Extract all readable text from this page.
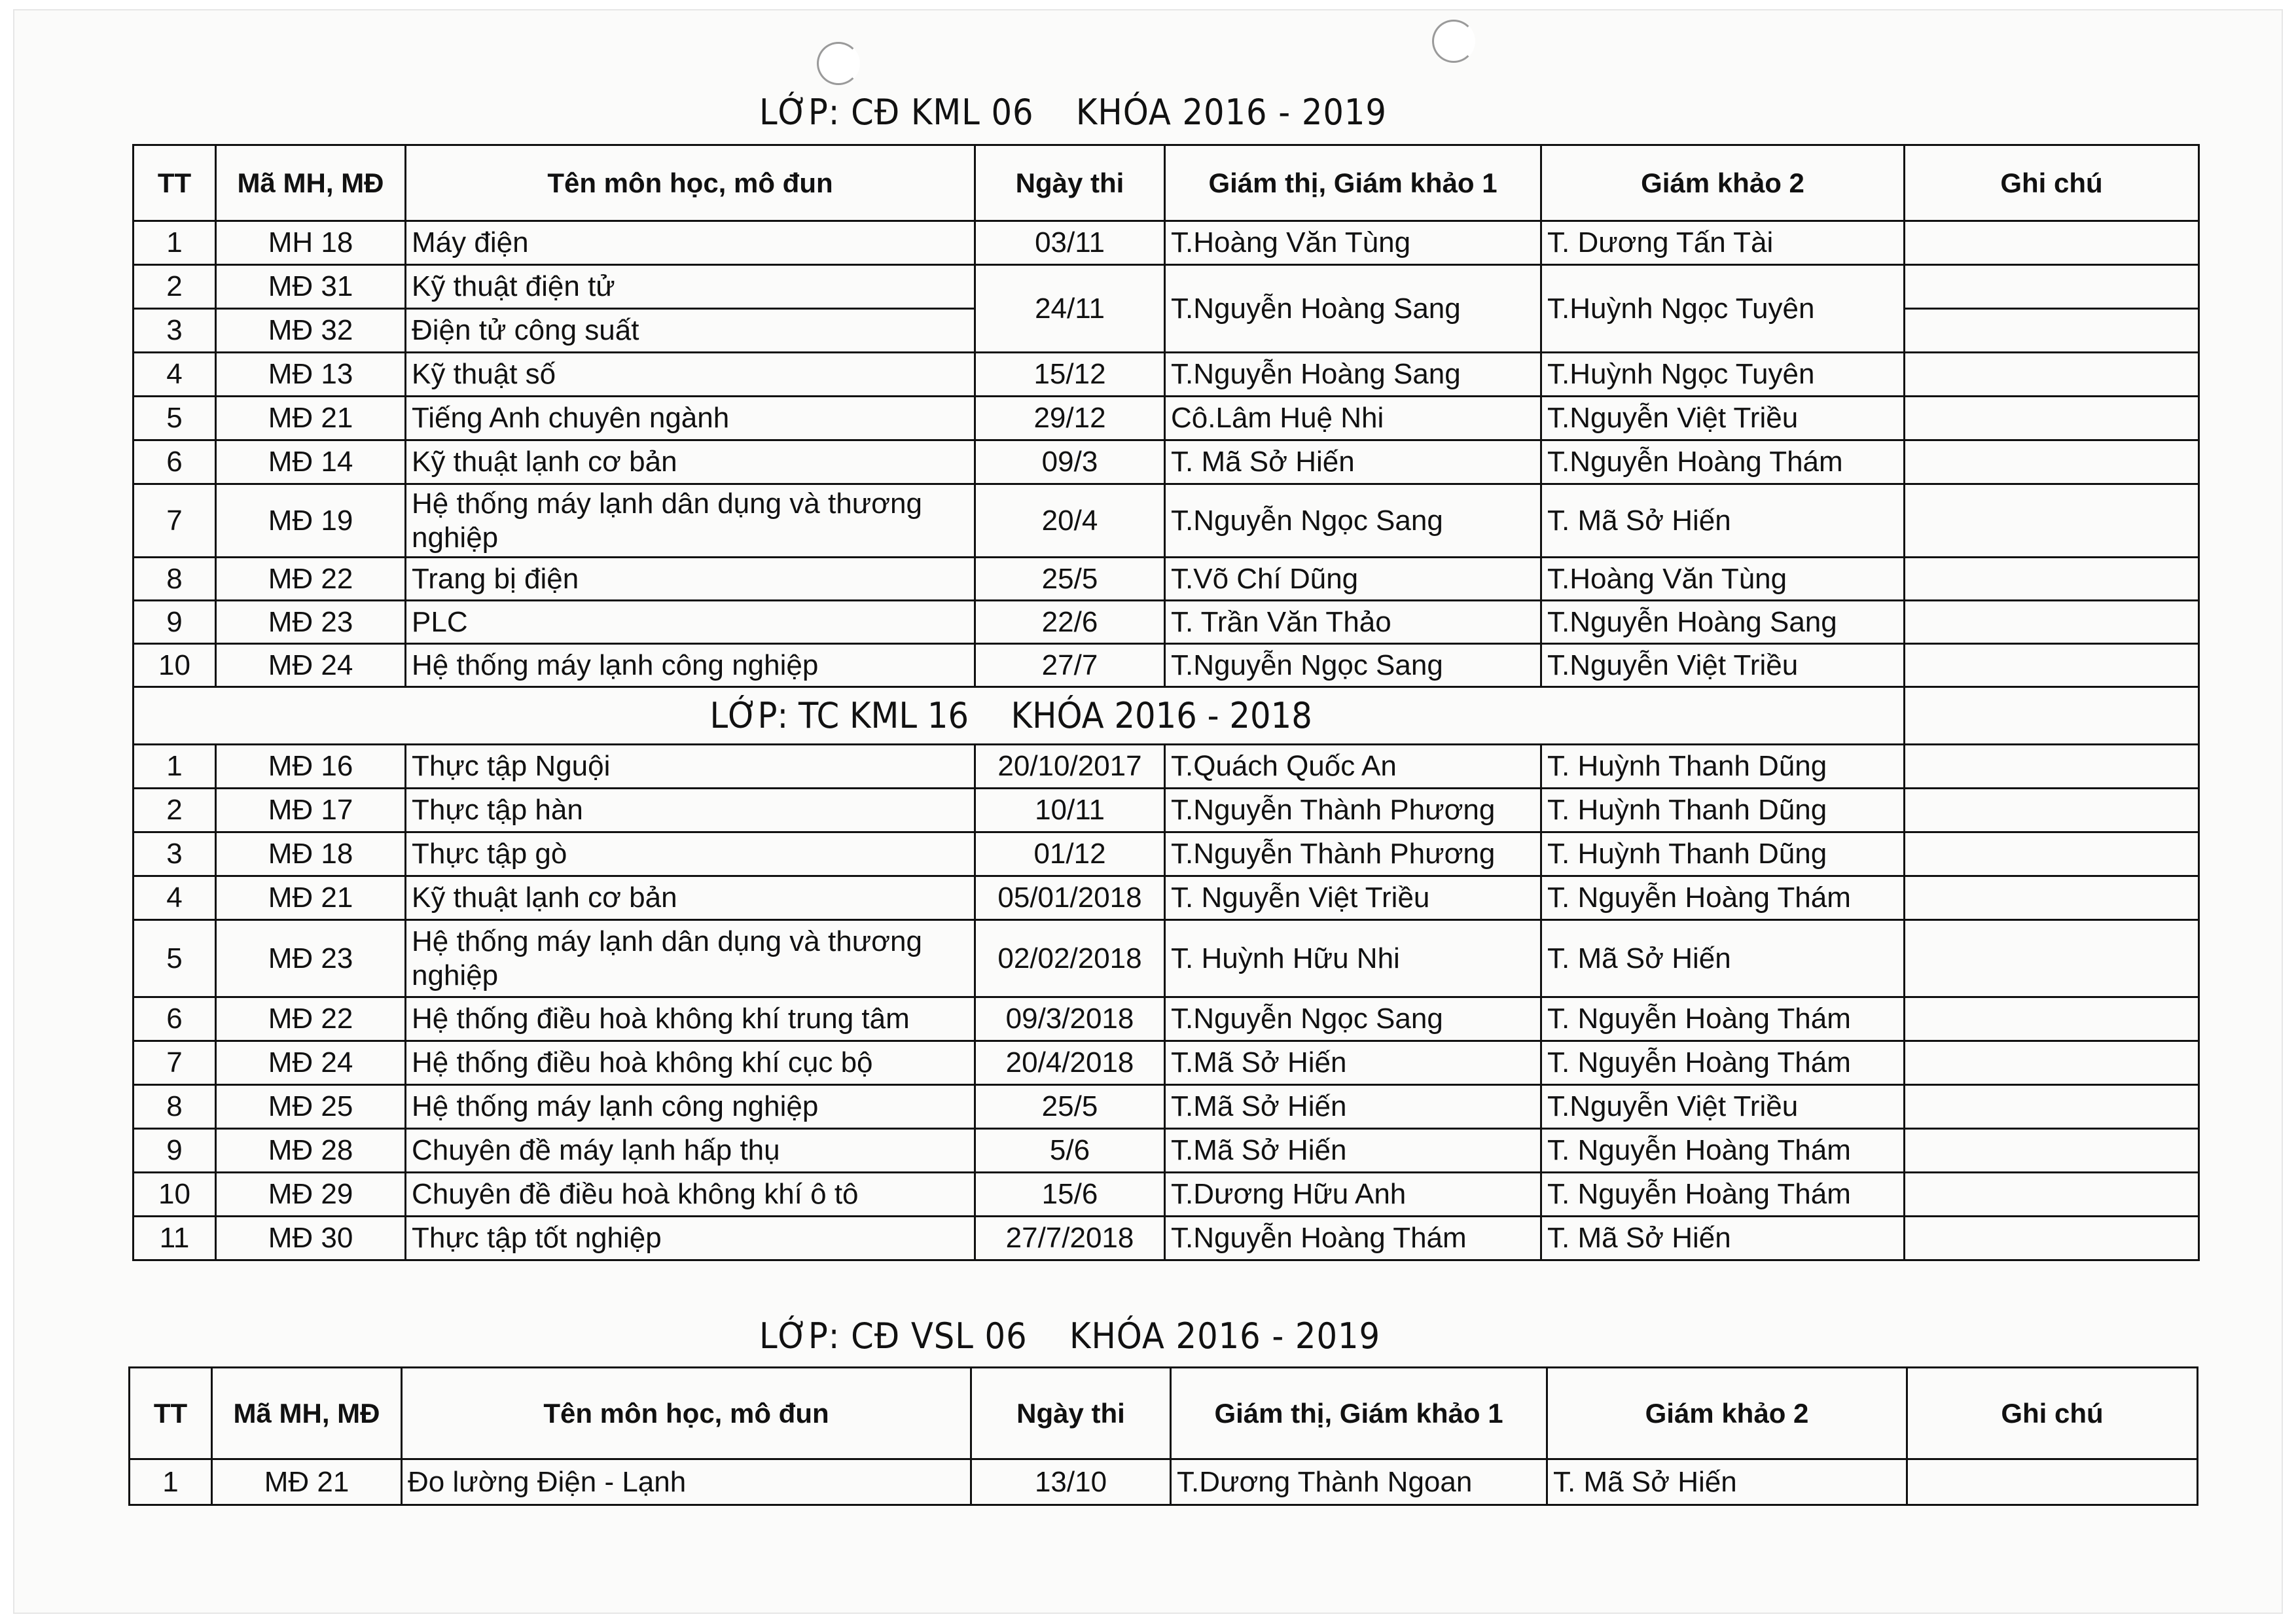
LỚP: CĐ KML 06 KHÓA 2016 - 2019
TT	Mã MH, MĐ	Tên môn học, mô đun	Ngày thi	Giám thị, Giám khảo 1	Giám khảo 2	Ghi chú
1	MH 18	Máy điện	03/11	T.Hoàng Văn Tùng	T. Dương Tấn Tài	
2	MĐ 31	Kỹ thuật điện tử	24/11	T.Nguyễn Hoàng Sang	T.Huỳnh Ngọc Tuyên	
3	MĐ 32	Điện tử công suất				
4	MĐ 13	Kỹ thuật số	15/12	T.Nguyễn Hoàng Sang	T.Huỳnh Ngọc Tuyên	
5	MĐ 21	Tiếng Anh chuyên ngành	29/12	Cô.Lâm Huệ Nhi	T.Nguyễn Việt Triều	
6	MĐ 14	Kỹ thuật lạnh cơ bản	09/3	T. Mã Sở Hiến	T.Nguyễn Hoàng Thám	
7	MĐ 19	Hệ thống máy lạnh dân dụng và thương nghiệp	20/4	T.Nguyễn Ngọc Sang	T. Mã Sở Hiến	
8	MĐ 22	Trang bị điện	25/5	T.Võ Chí Dũng	T.Hoàng Văn Tùng	
9	MĐ 23	PLC	22/6	T. Trần Văn Thảo	T.Nguyễn Hoàng Sang	
10	MĐ 24	Hệ thống máy lạnh công nghiệp	27/7	T.Nguyễn Ngọc Sang	T.Nguyễn Việt Triều	

LỚP: TC KML 16 KHÓA 2016 - 2018						

1	MĐ 16	Thực tập Nguội	20/10/2017	T.Quách Quốc An	T. Huỳnh Thanh Dũng	
2	MĐ 17	Thực tập hàn	10/11	T.Nguyễn Thành Phương	T. Huỳnh Thanh Dũng	
3	MĐ 18	Thực tập gò	01/12	T.Nguyễn Thành Phương	T. Huỳnh Thanh Dũng	
4	MĐ 21	Kỹ thuật lạnh cơ bản	05/01/2018	T. Nguyễn Việt Triều	T. Nguyễn Hoàng Thám	
5	MĐ 23	Hệ thống máy lạnh dân dụng và thương nghiệp	02/02/2018	T. Huỳnh Hữu Nhi	T. Mã Sở Hiến	
6	MĐ 22	Hệ thống điều hoà không khí trung tâm	09/3/2018	T.Nguyễn Ngọc Sang	T. Nguyễn Hoàng Thám	
7	MĐ 24	Hệ thống điều hoà không khí cục bộ	20/4/2018	T.Mã Sở Hiến	T. Nguyễn Hoàng Thám	
8	MĐ 25	Hệ thống máy lạnh công nghiệp	25/5	T.Mã Sở Hiến	T.Nguyễn Việt Triều	
9	MĐ 28	Chuyên đề máy lạnh hấp thụ	5/6	T.Mã Sở Hiến	T. Nguyễn Hoàng Thám	
10	MĐ 29	Chuyên đề điều hoà không khí ô tô	15/6	T.Dương Hữu Anh	T. Nguyễn Hoàng Thám	
11	MĐ 30	Thực tập tốt nghiệp	27/7/2018	T.Nguyễn Hoàng Thám	T. Mã Sở Hiến	
LỚP: CĐ VSL 06 KHÓA 2016 - 2019
TT	Mã MH, MĐ	Tên môn học, mô đun	Ngày thi	Giám thị, Giám khảo 1	Giám khảo 2	Ghi chú
1	MĐ 21	Đo lường Điện - Lạnh	13/10	T.Dương Thành Ngoan	T. Mã Sở Hiến	
